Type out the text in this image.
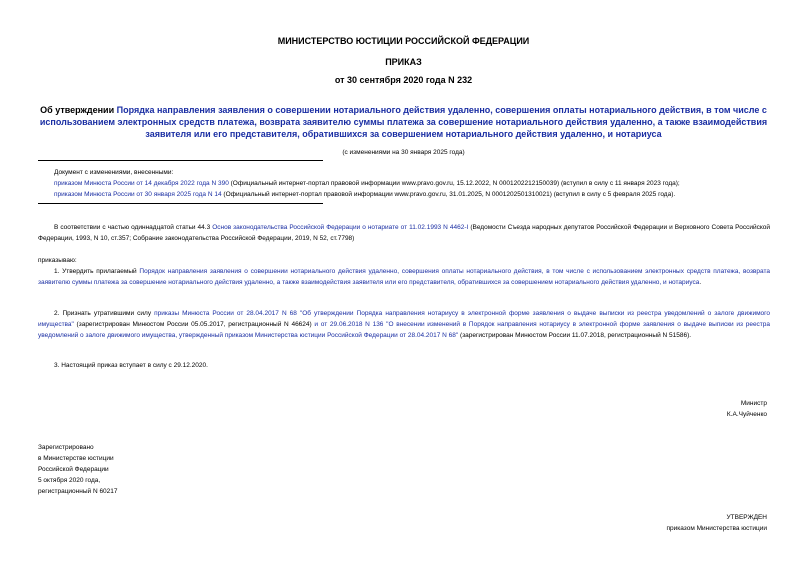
МИНИСТЕРСТВО ЮСТИЦИИ РОССИЙСКОЙ ФЕДЕРАЦИИ
ПРИКАЗ
от 30 сентября 2020 года N 232
Об утверждении Порядка направления заявления о совершении нотариального действия удаленно, совершения оплаты нотариального действия, в том числе с использованием электронных средств платежа, возврата заявителю суммы платежа за совершение нотариального действия удаленно, а также взаимодействия заявителя или его представителя, обратившихся за совершением нотариального действия удаленно, и нотариуса
(с изменениями на 30 января 2025 года)
Документ с изменениями, внесенными:
приказом Минюста России от 14 декабря 2022 года N 390 (Официальный интернет-портал правовой информации www.pravo.gov.ru, 15.12.2022, N 0001202212150039) (вступил в силу с 11 января 2023 года);
приказом Минюста России от 30 января 2025 года N 14 (Официальный интернет-портал правовой информации www.pravo.gov.ru, 31.01.2025, N 0001202501310021) (вступил в силу с 5 февраля 2025 года).
В соответствии с частью одиннадцатой статьи 44.3 Основ законодательства Российской Федерации о нотариате от 11.02.1993 N 4462-I (Ведомости Съезда народных депутатов Российской Федерации и Верховного Совета Российской Федерации, 1993, N 10, ст.357; Собрание законодательства Российской Федерации, 2019, N 52, ст.7798)
приказываю:
1. Утвердить прилагаемый Порядок направления заявления о совершении нотариального действия удаленно, совершения оплаты нотариального действия, в том числе с использованием электронных средств платежа, возврата заявителю суммы платежа за совершение нотариального действия удаленно, а также взаимодействия заявителя или его представителя, обратившихся за совершением нотариального действия удаленно, и нотариуса.
2. Признать утратившими силу приказы Минюста России от 28.04.2017 N 68 "Об утверждении Порядка направления нотариусу в электронной форме заявления о выдаче выписки из реестра уведомлений о залоге движимого имущества" (зарегистрирован Минюстом России 05.05.2017, регистрационный N 46624) и от 29.06.2018 N 136 "О внесении изменений в Порядок направления нотариусу в электронной форме заявления о выдаче выписки из реестра уведомлений о залоге движимого имущества, утвержденный приказом Министерства юстиции Российской Федерации от 28.04.2017 N 68" (зарегистрирован Минюстом России 11.07.2018, регистрационный N 51586).
3. Настоящий приказ вступает в силу с 29.12.2020.
Министр
К.А.Чуйченко
Зарегистрировано
в Министерстве юстиции
Российской Федерации
5 октября 2020 года,
регистрационный N 60217
УТВЕРЖДЕН
приказом Министерства юстиции
